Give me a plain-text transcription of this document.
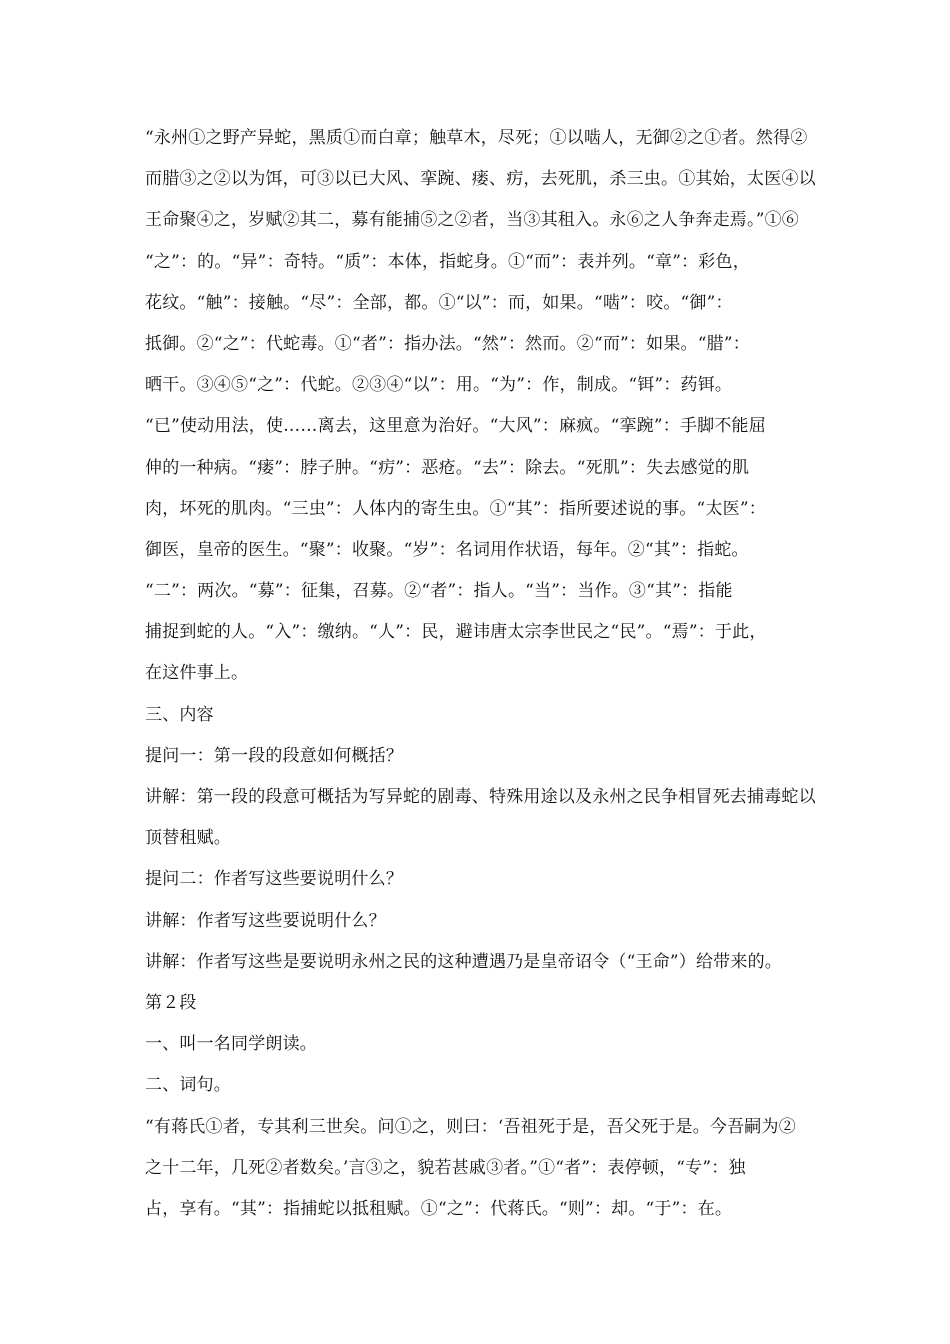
“永州①之野产异蛇，黑质①而白章；触草木，尽死；①以啮人，无御②之①者。然得②
而腊③之②以为饵，可③以已大风、挛踠、瘘、疠，去死肌，杀三虫。①其始，太医④以
王命聚④之，岁赋②其二，募有能捕⑤之②者，当③其租入。永⑥之人争奔走焉。”①⑥
“之”：的。“异”：奇特。“质”：本体，指蛇身。①“而”：表并列。“章”：彩色，
花纹。“触”：接触。“尽”：全部，都。①“以”：而，如果。“啮”：咬。“御”：
抵御。②“之”：代蛇毒。①“者”：指办法。“然”：然而。②“而”：如果。“腊”：
晒干。③④⑤“之”：代蛇。②③④“以”：用。“为”：作，制成。“铒”：药铒。
“已”使动用法，使……离去，这里意为治好。“大风”：麻疯。“挛踠”：手脚不能屈
伸的一种病。“瘘”：脖子肿。“疠”：恶疮。“去”：除去。“死肌”：失去感觉的肌
肉，坏死的肌肉。“三虫”：人体内的寄生虫。①“其”：指所要述说的事。“太医”：
御医，皇帝的医生。“聚”：收聚。“岁”：名词用作状语，每年。②“其”：指蛇。
“二”：两次。“募”：征集，召募。②“者”：指人。“当”：当作。③“其”：指能
捕捉到蛇的人。“入”：缴纳。“人”：民，避讳唐太宗李世民之“民”。“焉”：于此，
在这件事上。
三、内容
提问一：第一段的段意如何概括？
讲解：第一段的段意可概括为写异蛇的剧毒、特殊用途以及永州之民争相冒死去捕毒蛇以
顶替租赋。
提问二：作者写这些要说明什么？
讲解：作者写这些要说明什么？
讲解：作者写这些是要说明永州之民的这种遭遇乃是皇帝诏令（“王命”）给带来的。
第２段
一、叫一名同学朗读。
二、词句。
“有蒋氏①者，专其利三世矣。问①之，则曰：‘吾祖死于是，吾父死于是。今吾嗣为②
之十二年，几死②者数矣。’言③之，貌若甚戚③者。”①“者”：表停顿，“专”：独
占，享有。“其”：指捕蛇以抵租赋。①“之”：代蒋氏。“则”：却。“于”：在。
